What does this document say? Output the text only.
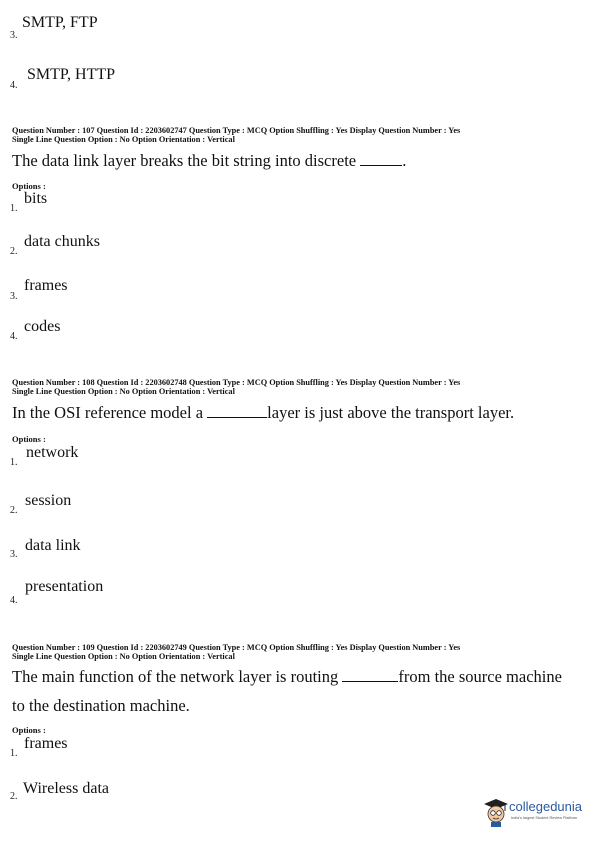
3.
SMTP, FTP
4.
SMTP, HTTP
Question Number : 107 Question Id : 2203602747 Question Type : MCQ Option Shuffling : Yes Display Question Number : Yes
Single Line Question Option : No Option Orientation : Vertical
The data link layer breaks the bit string into discrete	.
Options :
1.
bits
2.
data chunks
3.
frames
4.
codes
Question Number : 108 Question Id : 2203602748 Question Type : MCQ Option Shuffling : Yes Display Question Number : Yes
Single Line Question Option : No Option Orientation : Vertical
In the OSI reference model a	layer is just above the transport layer.
Options :
1.
network
2.
session
3.
data link
4.
presentation
Question Number : 109 Question Id : 2203602749 Question Type : MCQ Option Shuffling : Yes Display Question Number : Yes
Single Line Question Option : No Option Orientation : Vertical
The main function of the network layer is routing	from the source machine
to the destination machine.
Options :
1.
frames
2. Wireless data
collegedunia
India's largest Student Review Platform
